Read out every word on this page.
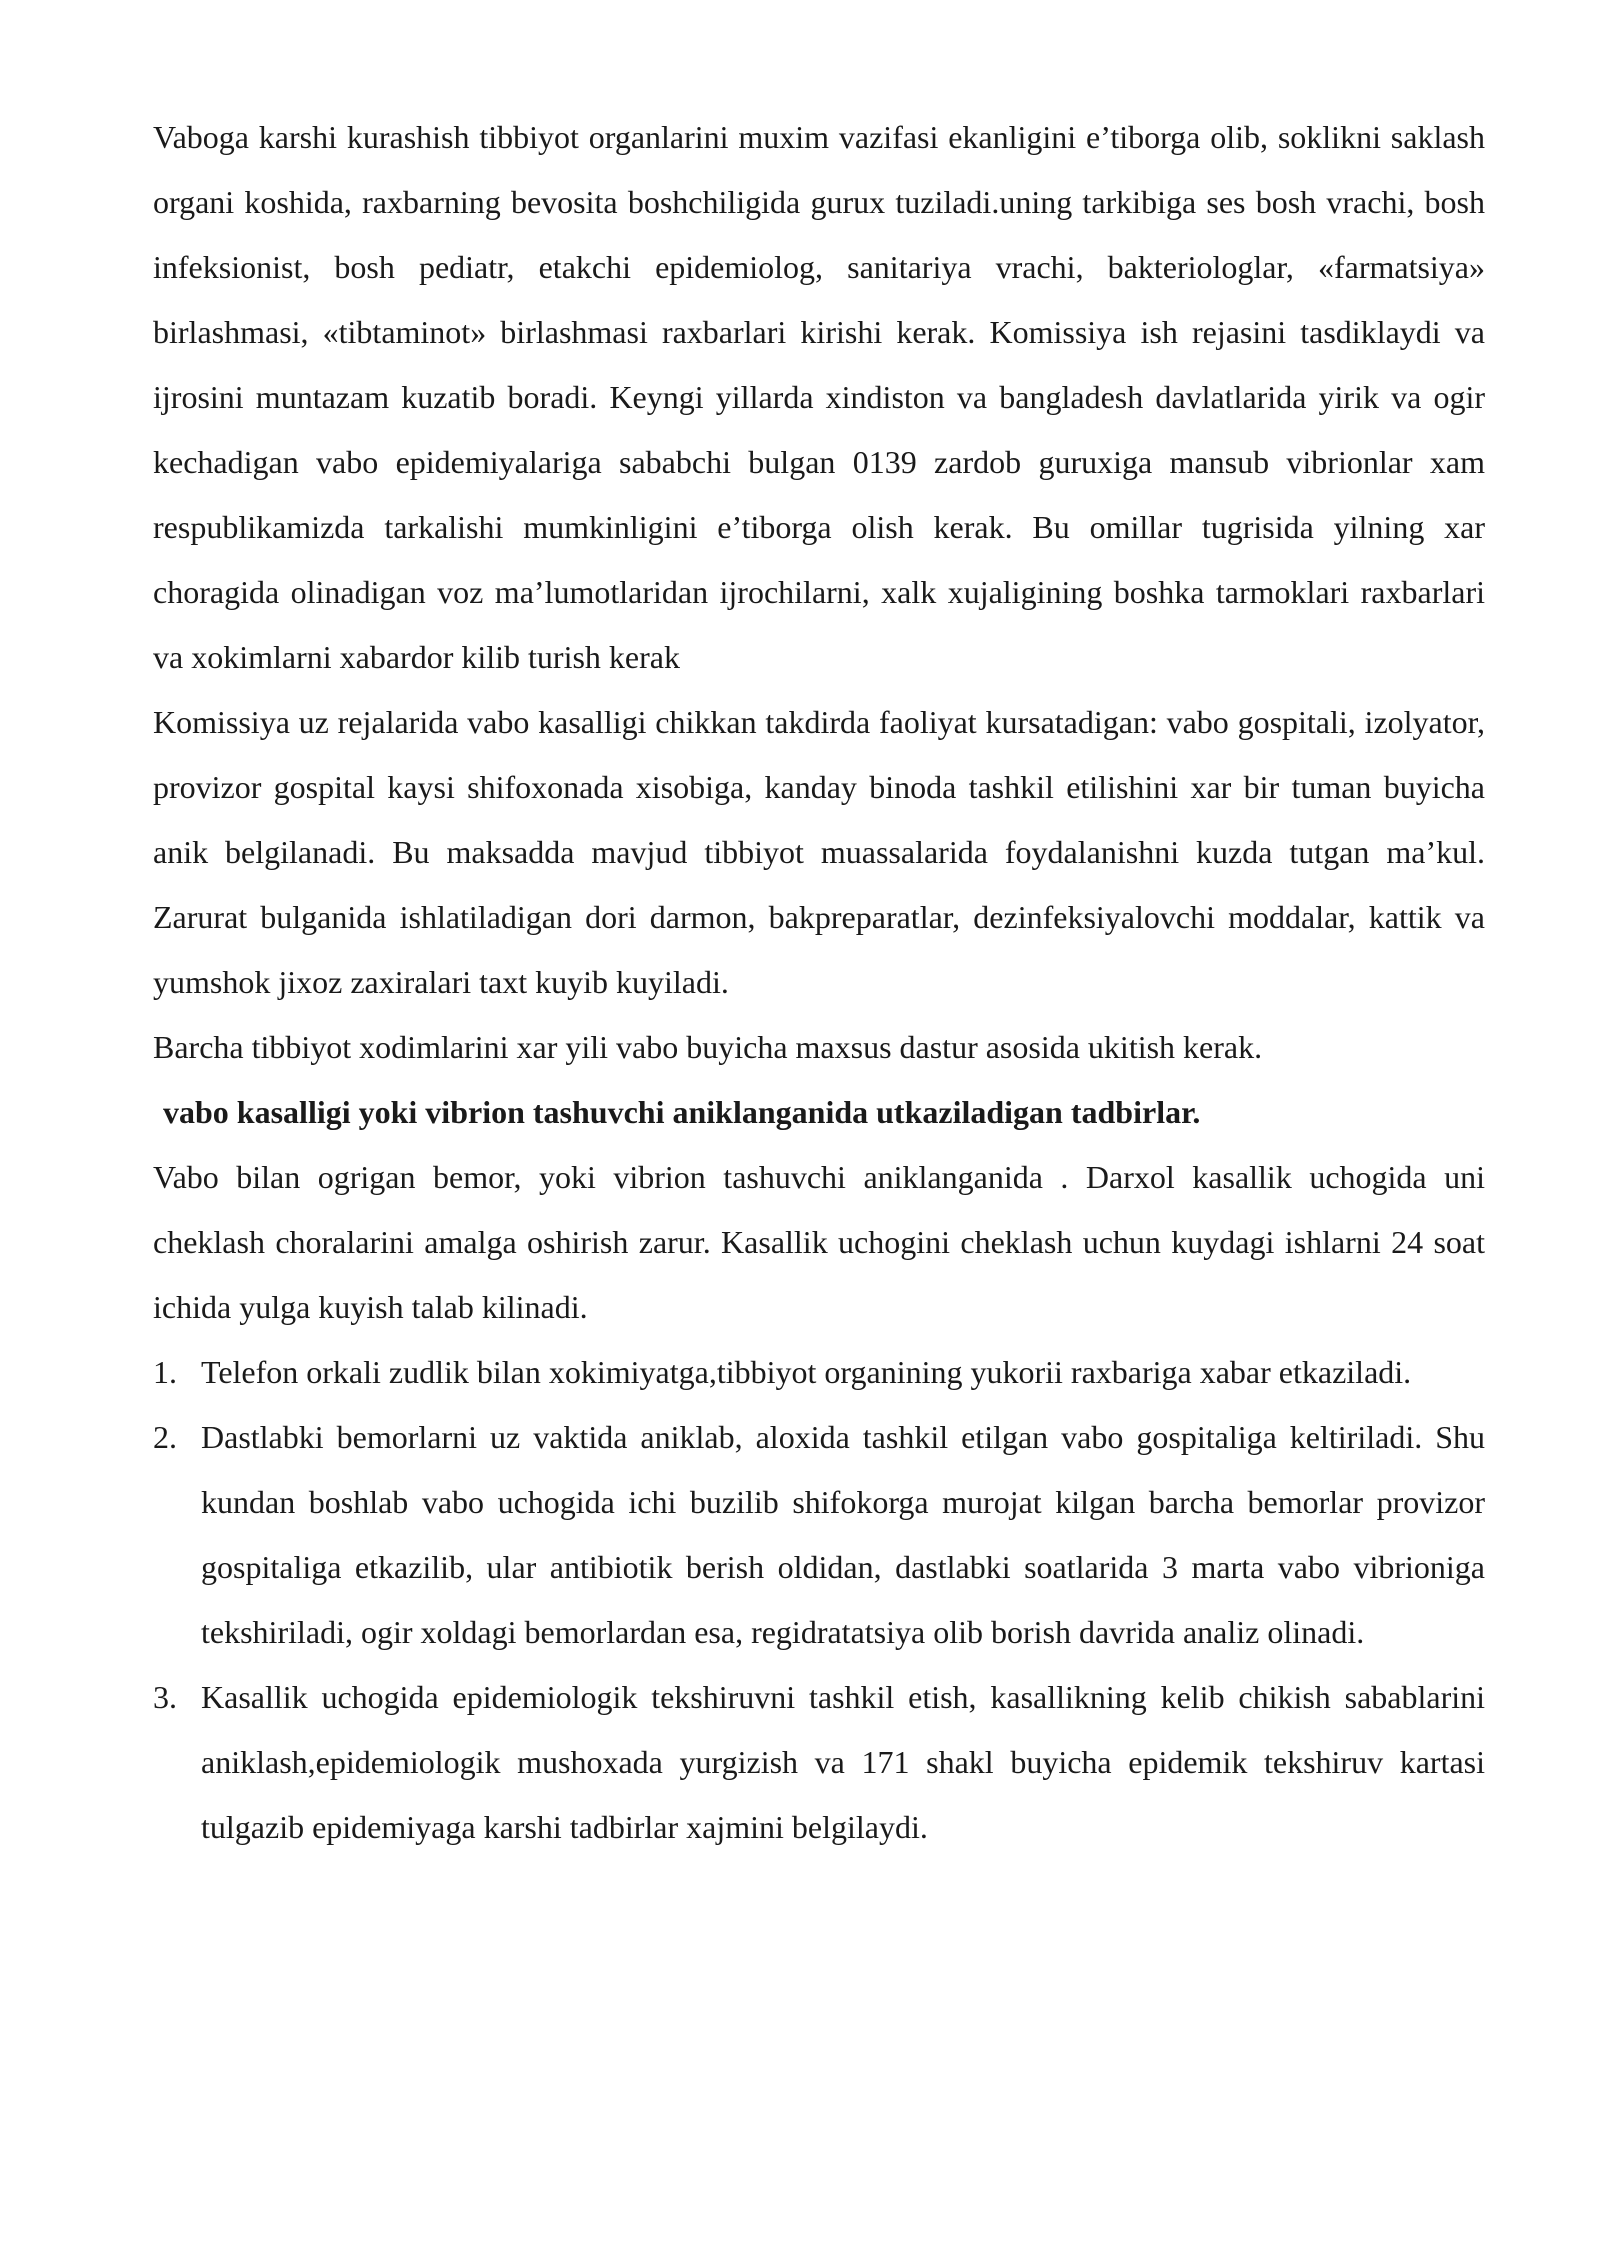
Vaboga karshi kurashish tibbiyot organlarini muxim vazifasi ekanligini e’tiborga olib, soklikni saklash organi koshida, raxbarning bevosita boshchiligida gurux tuziladi.uning tarkibiga ses bosh vrachi, bosh infeksionist, bosh pediatr, etakchi epidemiolog, sanitariya vrachi, bakteriologlar, «farmatsiya» birlashmasi, «tibtaminot» birlashmasi raxbarlari kirishi kerak. Komissiya ish rejasini tasdiklaydi va ijrosini muntazam kuzatib boradi. Keyngi yillarda xindiston va bangladesh davlatlarida yirik va ogir kechadigan vabo epidemiyalariga sababchi bulgan 0139 zardob guruxiga mansub vibrionlar xam respublikamizda tarkalishi mumkinligini e’tiborga olish kerak. Bu omillar tugrisida yilning xar choragida olinadigan voz ma’lumotlaridan ijrochilarni, xalk xujaligining boshka tarmoklari raxbarlari va xokimlarni xabardor kilib turish kerak

Komissiya uz rejalarida vabo kasalligi chikkan takdirda faoliyat kursatadigan: vabo gospitali, izolyator, provizor gospital kaysi shifoxonada xisobiga, kanday binoda tashkil etilishini xar bir tuman buyicha anik belgilanadi. Bu maksadda mavjud tibbiyot muassalarida foydalanishni kuzda tutgan ma’kul. Zarurat bulganida ishlatiladigan dori darmon, bakpreparatlar, dezinfeksiyalovchi moddalar, kattik va yumshok jixoz zaxiralari taxt kuyib kuyiladi.

Barcha tibbiyot xodimlarini xar yili vabo buyicha maxsus dastur asosida ukitish kerak.

vabo kasalligi yoki vibrion tashuvchi aniklanganida utkaziladigan tadbirlar.

Vabo bilan ogrigan bemor, yoki vibrion tashuvchi aniklanganida . Darxol kasallik uchogida uni cheklash choralarini amalga oshirish zarur. Kasallik uchogini cheklash uchun kuydagi ishlarni 24 soat ichida yulga kuyish talab kilinadi.

1. Telefon orkali zudlik bilan xokimiyatga,tibbiyot organining yukorii raxbariga xabar etkaziladi.
2. Dastlabki bemorlarni uz vaktida aniklab, aloxida tashkil etilgan vabo gospitaliga keltiriladi. Shu kundan boshlab vabo uchogida ichi buzilib shifokorga murojat kilgan barcha bemorlar provizor gospitaliga etkazilib, ular antibiotik berish oldidan, dastlabki soatlarida 3 marta vabo vibrioniga tekshiriladi, ogir xoldagi bemorlardan esa, regidratatsiya olib borish davrida analiz olinadi.
3. Kasallik uchogida epidemiologik tekshiruvni tashkil etish, kasallikning kelib chikish sabablarini aniklash,epidemiologik mushoxada yurgizish va 171 shakl buyicha epidemik tekshiruv kartasi tulgazib epidemiyaga karshi tadbirlar xajmini belgilaydi.
